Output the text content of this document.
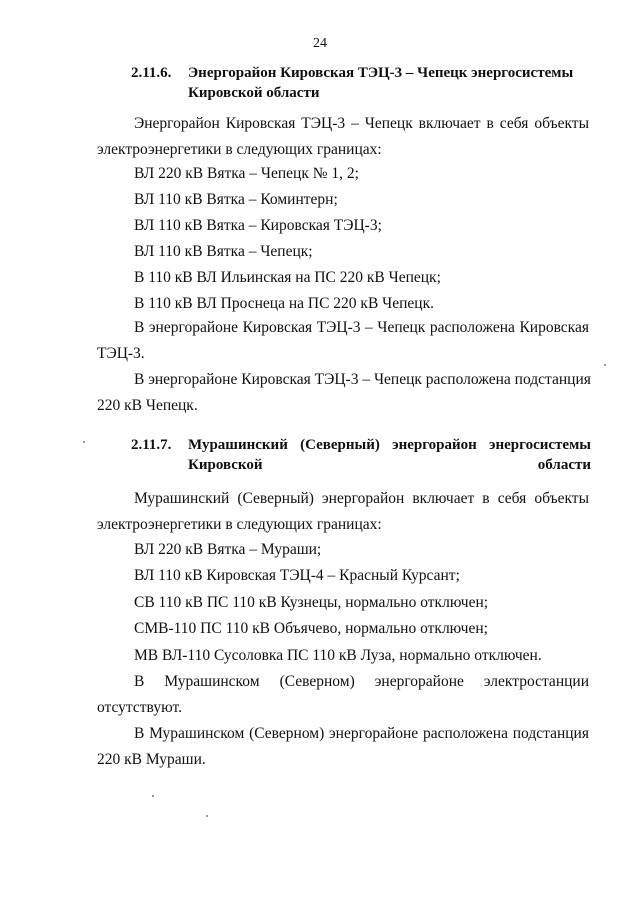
24
2.11.6. Энергорайон Кировская ТЭЦ-3 – Чепецк энергосистемы Кировской области
Энергорайон Кировская ТЭЦ-3 – Чепецк включает в себя объекты
электроэнергетики в следующих границах:
ВЛ 220 кВ Вятка – Чепецк № 1, 2;
ВЛ 110 кВ Вятка – Коминтерн;
ВЛ 110 кВ Вятка – Кировская ТЭЦ-3;
ВЛ 110 кВ Вятка – Чепецк;
В 110 кВ ВЛ Ильинская на ПС 220 кВ Чепецк;
В 110 кВ ВЛ Проснеца на ПС 220 кВ Чепецк.
В энергорайоне Кировская ТЭЦ-3 – Чепецк расположена Кировская
ТЭЦ-3.
В энергорайоне Кировская ТЭЦ-3 – Чепецк расположена подстанция
220 кВ Чепецк.
2.11.7. Мурашинский (Северный) энергорайон энергосистемы Кировской области
Мурашинский (Северный) энергорайон включает в себя объекты
электроэнергетики в следующих границах:
ВЛ 220 кВ Вятка – Мураши;
ВЛ 110 кВ Кировская ТЭЦ-4 – Красный Курсант;
СВ 110 кВ ПС 110 кВ Кузнецы, нормально отключен;
СМВ-110 ПС 110 кВ Объячево, нормально отключен;
МВ ВЛ-110 Сусоловка ПС 110 кВ Луза, нормально отключен.
В Мурашинском (Северном) энергорайоне электростанции
отсутствуют.
В Мурашинском (Северном) энергорайоне расположена подстанция
220 кВ Мураши.
